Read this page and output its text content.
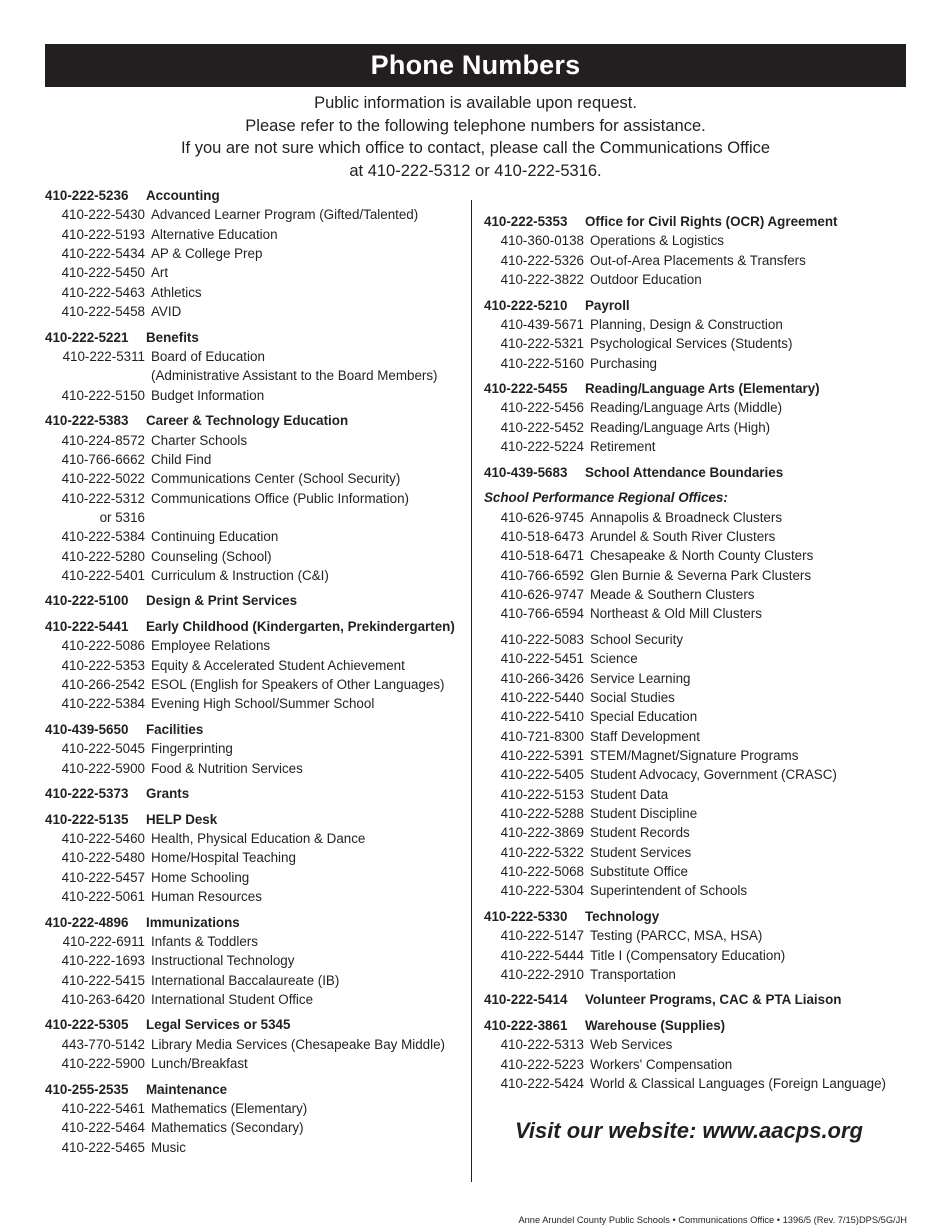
Phone Numbers
Public information is available upon request.
Please refer to the following telephone numbers for assistance.
If you are not sure which office to contact, please call the Communications Office
at 410-222-5312 or 410-222-5316.
410-222-5236	Accounting
410-222-5430 Advanced Learner Program (Gifted/Talented)
410-222-5193 Alternative Education
410-222-5434 AP & College Prep
410-222-5450 Art
410-222-5463 Athletics
410-222-5458 AVID
410-222-5221	Benefits
410-222-5311 Board of Education
(Administrative Assistant to the Board Members)
410-222-5150 Budget Information
410-222-5383	Career & Technology Education
410-224-8572 Charter Schools
410-766-6662 Child Find
410-222-5022 Communications Center (School Security)
410-222-5312 Communications Office (Public Information)
or 5316
410-222-5384 Continuing Education
410-222-5280 Counseling (School)
410-222-5401 Curriculum & Instruction (C&I)
410-222-5100	Design & Print Services
410-222-5441	Early Childhood (Kindergarten, Prekindergarten)
410-222-5086 Employee Relations
410-222-5353 Equity & Accelerated Student Achievement
410-266-2542 ESOL (English for Speakers of Other Languages)
410-222-5384 Evening High School/Summer School
410-439-5650	Facilities
410-222-5045 Fingerprinting
410-222-5900 Food & Nutrition Services
410-222-5373	Grants
410-222-5135	HELP Desk
410-222-5460 Health, Physical Education & Dance
410-222-5480 Home/Hospital Teaching
410-222-5457 Home Schooling
410-222-5061 Human Resources
410-222-4896	Immunizations
410-222-6911 Infants & Toddlers
410-222-1693 Instructional Technology
410-222-5415 International Baccalaureate (IB)
410-263-6420 International Student Office
410-222-5305	Legal Services or 5345
443-770-5142 Library Media Services (Chesapeake Bay Middle)
410-222-5900 Lunch/Breakfast
410-255-2535	Maintenance
410-222-5461 Mathematics (Elementary)
410-222-5464 Mathematics (Secondary)
410-222-5465 Music
410-222-5353	Office for Civil Rights (OCR) Agreement
410-360-0138 Operations & Logistics
410-222-5326 Out-of-Area Placements & Transfers
410-222-3822 Outdoor Education
410-222-5210	Payroll
410-439-5671 Planning, Design & Construction
410-222-5321 Psychological Services (Students)
410-222-5160 Purchasing
410-222-5455	Reading/Language Arts (Elementary)
410-222-5456 Reading/Language Arts (Middle)
410-222-5452 Reading/Language Arts (High)
410-222-5224 Retirement
410-439-5683	School Attendance Boundaries
School Performance Regional Offices:
410-626-9745 Annapolis & Broadneck Clusters
410-518-6473 Arundel & South River Clusters
410-518-6471 Chesapeake & North County Clusters
410-766-6592 Glen Burnie & Severna Park Clusters
410-626-9747 Meade & Southern Clusters
410-766-6594 Northeast & Old Mill Clusters
410-222-5083 School Security
410-222-5451 Science
410-266-3426 Service Learning
410-222-5440 Social Studies
410-222-5410 Special Education
410-721-8300 Staff Development
410-222-5391 STEM/Magnet/Signature Programs
410-222-5405 Student Advocacy, Government (CRASC)
410-222-5153 Student Data
410-222-5288 Student Discipline
410-222-3869 Student Records
410-222-5322 Student Services
410-222-5068 Substitute Office
410-222-5304 Superintendent of Schools
410-222-5330	Technology
410-222-5147 Testing (PARCC, MSA, HSA)
410-222-5444 Title I (Compensatory Education)
410-222-2910 Transportation
410-222-5414	Volunteer Programs, CAC & PTA Liaison
410-222-3861	Warehouse (Supplies)
410-222-5313 Web Services
410-222-5223 Workers' Compensation
410-222-5424 World & Classical Languages (Foreign Language)
Visit our website: www.aacps.org
Anne Arundel County Public Schools • Communications Office • 1396/5 (Rev. 7/15)DPS/5G/JH
